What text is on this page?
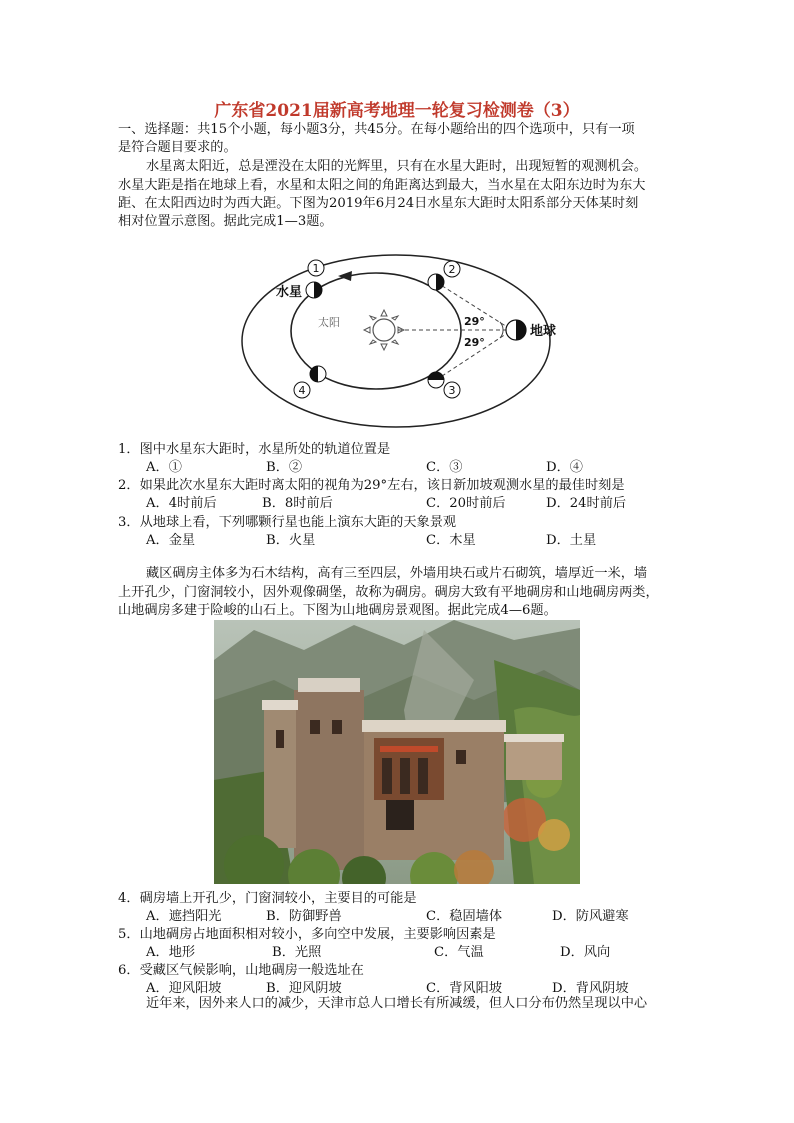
广东省2021届新高考地理一轮复习检测卷（3）
一、选择题：共15个小题，每小题3分，共45分。在每小题给出的四个选项中，只有一项
是符合题目要求的。
水星离太阳近，总是湮没在太阳的光辉里，只有在水星大距时，出现短暂的观测机会。
水星大距是指在地球上看，水星和太阳之间的角距离达到最大，当水星在太阳东边时为东大
距、在太阳西边时为西大距。下图为2019年6月24日水星东大距时太阳系部分天体某时刻
相对位置示意图。据此完成1—3题。
太阳	29°
29°
地球
水星
1	2
3
4
1．图中水星东大距时，水星所处的轨道位置是
A．①	B．②	C．③	D．④
2．如果此次水星东大距时离太阳的视角为29°左右，该日新加坡观测水星的最佳时刻是
A．4时前后	B．8时前后	C．20时前后	D．24时前后
3．从地球上看，下列哪颗行星也能上演东大距的天象景观
A．金星	B．火星	C．木星	D．土星
藏区碉房主体多为石木结构，高有三至四层，外墙用块石或片石砌筑，墙厚近一米，墙
上开孔少，门窗洞较小，因外观像碉堡，故称为碉房。碉房大致有平地碉房和山地碉房两类，
山地碉房多建于险峻的山石上。下图为山地碉房景观图。据此完成4—6题。
4．碉房墙上开孔少，门窗洞较小，主要目的可能是
A．遮挡阳光	B．防御野兽	C．稳固墙体	D．防风避寒
5．山地碉房占地面积相对较小，多向空中发展，主要影响因素是
A．地形	B．光照	C．气温	D．风向
6．受藏区气候影响，山地碉房一般选址在
A．迎风阳坡	B．迎风阴坡	C．背风阳坡	D．背风阴坡
近年来，因外来人口的减少，天津市总人口增长有所减缓，但人口分布仍然呈现以中心
